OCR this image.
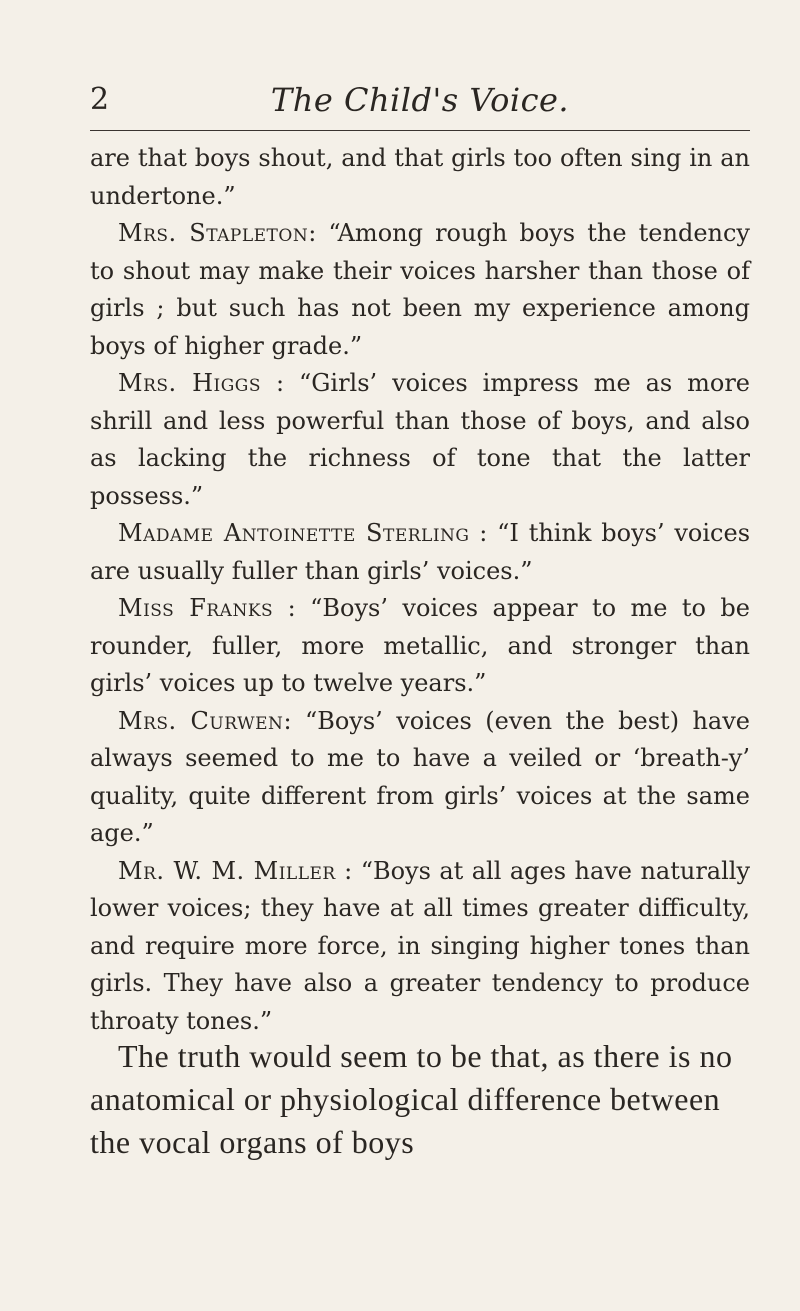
2	The Child's Voice.

are that boys shout, and that girls too often sing in an undertone.”

Mrs. Stapleton: “Among rough boys the tendency to shout may make their voices harsher than those of girls ; but such has not been my experience among boys of higher grade.”

Mrs. Higgs : “Girls’ voices impress me as more shrill and less powerful than those of boys, and also as lacking the richness of tone that the latter possess.”

Madame Antoinette Sterling : “I think boys’ voices are usually fuller than girls’ voices.”

Miss Franks : “Boys’ voices appear to me to be rounder, fuller, more metallic, and stronger than girls’ voices up to twelve years.”

Mrs. Curwen: “Boys’ voices (even the best) have always seemed to me to have a veiled or ‘breath-y’ quality, quite different from girls’ voices at the same age.”

Mr. W. M. Miller : “Boys at all ages have naturally lower voices; they have at all times greater difficulty, and require more force, in singing higher tones than girls. They have also a greater tendency to produce throaty tones.”

The truth would seem to be that, as there is no anatomical or physiological difference between the vocal organs of boys
